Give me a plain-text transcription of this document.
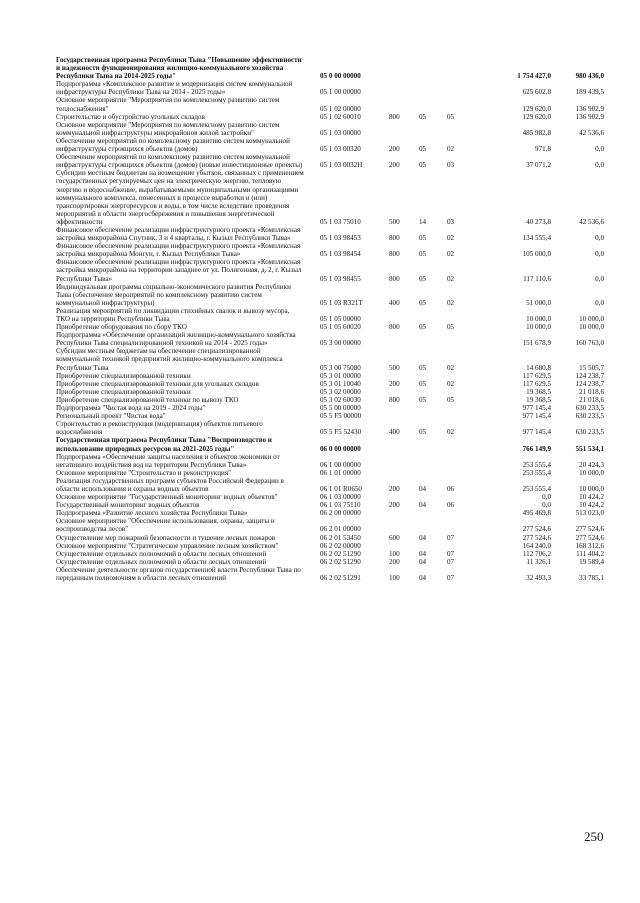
Государственная программа Республики Тыва "Повышение эффективности и надежности функционирования жилищно-коммунального хозяйства Республики Тыва на 2014-2025 годы"	05 0 00 00000	1 754 427,0	980 436,0
Подпрограмма «Комплексное развитие и модернизация систем коммунальной инфраструктуры Республики Тыва на 2014 - 2025 годы»	05 1 00 00000	625 602,8	189 439,5
Основное мероприятие "Мероприятия по комплексному развитию систем теплоснабжения"	05 1 02 00000	129 620,0	136 902,9
Строительство и обустройство угольных складов	05 1 02 60010	800	05	05	129 620,0	136 902,9
Основное мероприятие "Мероприятия по комплексному развитию систем коммунальной инфраструктуры микрорайонов жилой застройки"	05 1 03 00000	485 982,8	42 536,6
Обеспечение мероприятий по комплексному развитию систем коммунальной инфраструктуры строящихся объектов (домов)	05 1 03 00320	200	05	02	971,8	0,0
Обеспечение мероприятий по комплексному развитию систем коммунальной инфраструктуры строящихся объектов (домов) (новые инвестиционные проекты)	05 1 03 0032H	200	05	03	37 071,2	0,0
Субсидии местным бюджетам на возмещение убытков, связанных с применением государственных регулируемых цен на электрическую энергию, тепловую энергию и водоснабжение, вырабатываемыми муниципальными организациями коммунального комплекса, понесенных в процессе выработки и (или) транспортировки энергоресурсов и воды, в том числе вследствие проведения мероприятий в области энергосбережения и повышения энергетической эффективности	05 1 03 75010	500	14	03	40 273,8	42 536,6
Финансовое обеспечение реализации инфраструктурного проекта «Комплексная застройка микрорайона Спутник, 3 и 4 кварталы, г. Кызыл Республики Тыва»	05 1 03 98453	800	05	02	134 555,4	0,0
Финансовое обеспечение реализации инфраструктурного проекта «Комплексная застройка микрорайона Монгун, г. Кызыл Республики Тыва»	05 1 03 98454	800	05	02	105 000,0	0,0
Финансовое обеспечение реализации инфраструктурного проекта «Комплексная застройка микрорайона на территории западнее от ул. Полигонная, д. 2, г. Кызыл Республики Тыва»	05 1 03 98455	800	05	02	117 110,6	0,0
Индивидуальная программа социально-экономического развития Республики Тыва (обеспечение мероприятий по комплексному развитию систем коммунальной инфраструктуры)	05 1 03 R321T	400	05	02	51 000,0	0,0
Реализация мероприятий по ликвидации стихийных свалок и вывозу мусора, ТКО на территории Республики Тыва	05 1 05 00000	10 000,0	10 000,0
Приобретение оборудования по сбору ТКО	05 1 05 60020	800	05	05	10 000,0	10 000,0
Подпрограмма «Обеспечение организаций жилищно-коммунального хозяйства Республики Тыва специализированной техникой на 2014 - 2025 годы»	05 3 00 00000	151 678,9	160 763,0
Субсидии местным бюджетам на обеспечение специализированной коммунальной техникой предприятий жилищно-коммунального комплекса Республики Тыва	05 3 00 75080	500	05	02	14 680,8	15 505,7
Приобретение специализированной техники	05 3 01 00000	117 629,5	124 238,7
Приобретение специализированной техники для угольных складов	05 3 01 10040	200	05	02	117 629,5	124 238,7
Приобретение специализированной техники	05 3 02 00000	19 368,5	21 018,6
Приобретение специализированной техники по вывозу ТКО	05 3 02 60030	800	05	05	19 368,5	21 018,6
Подпрограмма "Чистая вода на 2019 - 2024 годы"	05 5 00 00000	977 145,4	630 233,5
Региональный проект "Чистая вода"	05 5 F5 00000	977 145,4	630 233,5
Строительство и реконструкция (модернизация) объектов питьевого водоснабжения	05 5 F5 52430	400	05	02	977 145,4	630 233,5
Государственная программа Республики Тыва "Воспроизводство и использование природных ресурсов на 2021-2025 годы"	06 0 00 00000	766 149,9	551 534,1
Подпрограмма «Обеспечение защиты населения и объектов экономики от негативного воздействия вод на территории Республики Тыва»	06 1 00 00000	253 555,4	20 424,3
Основное мероприятие "Строительство и реконструкция"	06 1 01 00000	253 555,4	10 000,0
Реализация государственных программ субъектов Российской Федерации в области использования и охраны водных объектов	06 1 01 R0650	200	04	06	253 555,4	10 000,0
Основное мероприятие "Государственный мониторинг водных объектов"	06 1 03 00000	0,0	10 424,2
Государственный мониторинг водных объектов	06 1 03 75110	200	04	06	0,0	10 424,2
Подпрограмма «Развитие лесного хозяйства Республики Тыва»	06 2 00 00000	495 469,8	513 023,0
Основное мероприятие "Обеспечение использования, охраны, защиты и воспроизводства лесов"	06 2 01 00000	277 524,6	277 524,6
Осуществление мер пожарной безопасности и тушение лесных пожаров	06 2 01 53450	600	04	07	277 524,6	277 524,6
Основное мероприятие "Стратегическое управление лесным хозяйством"	06 2 02 00000	164 240,0	168 312,6
Осуществление отдельных полномочий в области лесных отношений	06 2 02 51290	100	04	07	112 706,2	111 404,2
Осуществление отдельных полномочий в области лесных отношений	06 2 02 51290	200	04	07	11 326,1	19 589,4
Обеспечение деятельности органов государственной власти Республики Тыва по переданным полномочиям в области лесных отношений	06 2 02 51291	100	04	07	32 493,3	33 785,1
250
